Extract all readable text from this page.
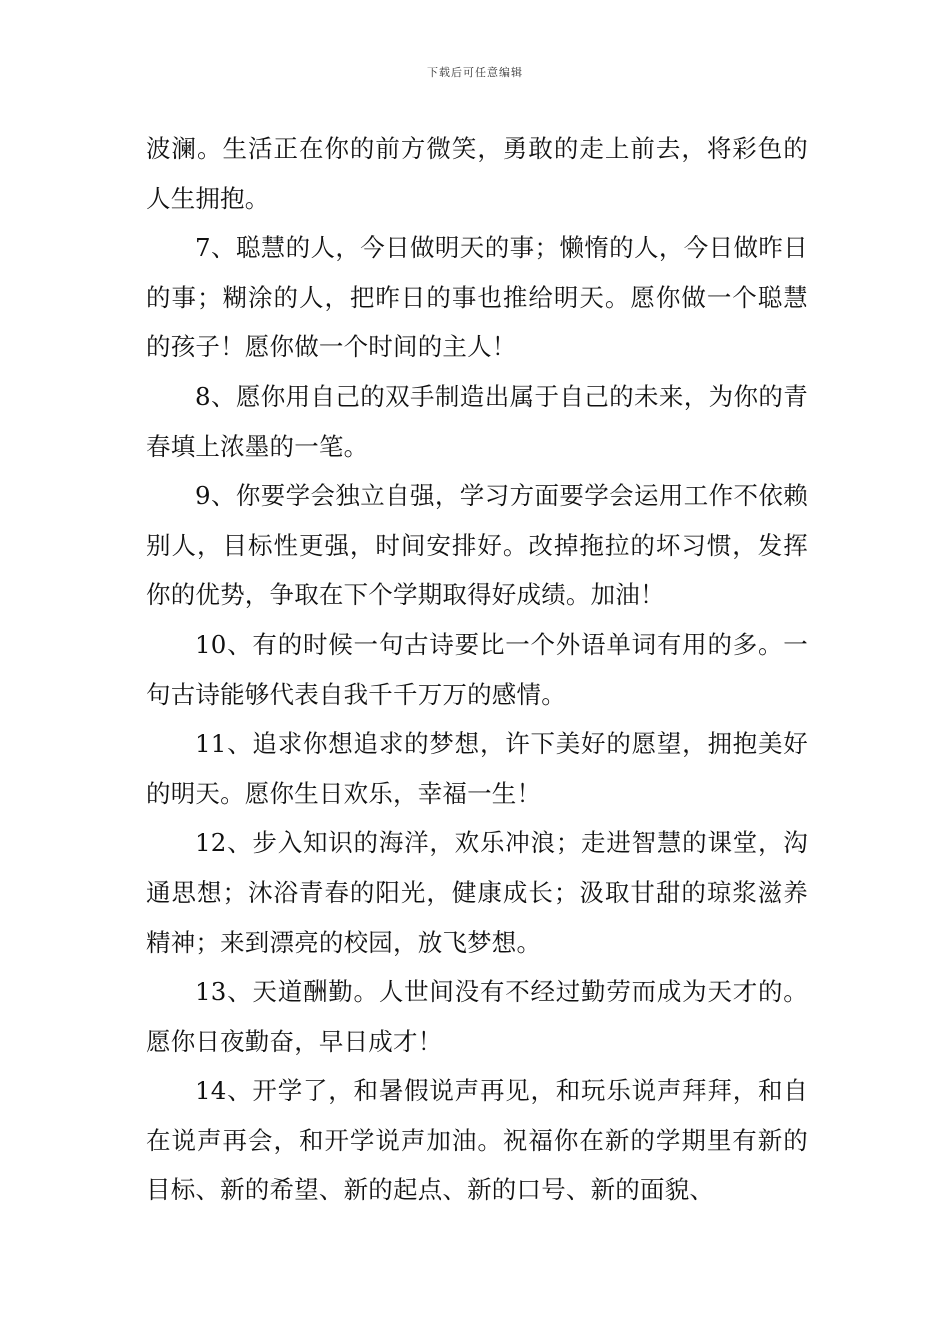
下载后可任意编辑

波澜。生活正在你的前方微笑，勇敢的走上前去，将彩色的人生拥抱。

7、聪慧的人，今日做明天的事；懒惰的人，今日做昨日的事；糊涂的人，把昨日的事也推给明天。愿你做一个聪慧的孩子！愿你做一个时间的主人！

8、愿你用自己的双手制造出属于自己的未来，为你的青春填上浓墨的一笔。

9、你要学会独立自强，学习方面要学会运用工作不依赖别人，目标性更强，时间安排好。改掉拖拉的坏习惯，发挥你的优势，争取在下个学期取得好成绩。加油！

10、有的时候一句古诗要比一个外语单词有用的多。一句古诗能够代表自我千千万万的感情。

11、追求你想追求的梦想，许下美好的愿望，拥抱美好的明天。愿你生日欢乐，幸福一生！

12、步入知识的海洋，欢乐冲浪；走进智慧的课堂，沟通思想；沐浴青春的阳光，健康成长；汲取甘甜的琼浆滋养精神；来到漂亮的校园，放飞梦想。

13、天道酬勤。人世间没有不经过勤劳而成为天才的。愿你日夜勤奋，早日成才！

14、开学了，和暑假说声再见，和玩乐说声拜拜，和自在说声再会，和开学说声加油。祝福你在新的学期里有新的目标、新的希望、新的起点、新的口号、新的面貌、
